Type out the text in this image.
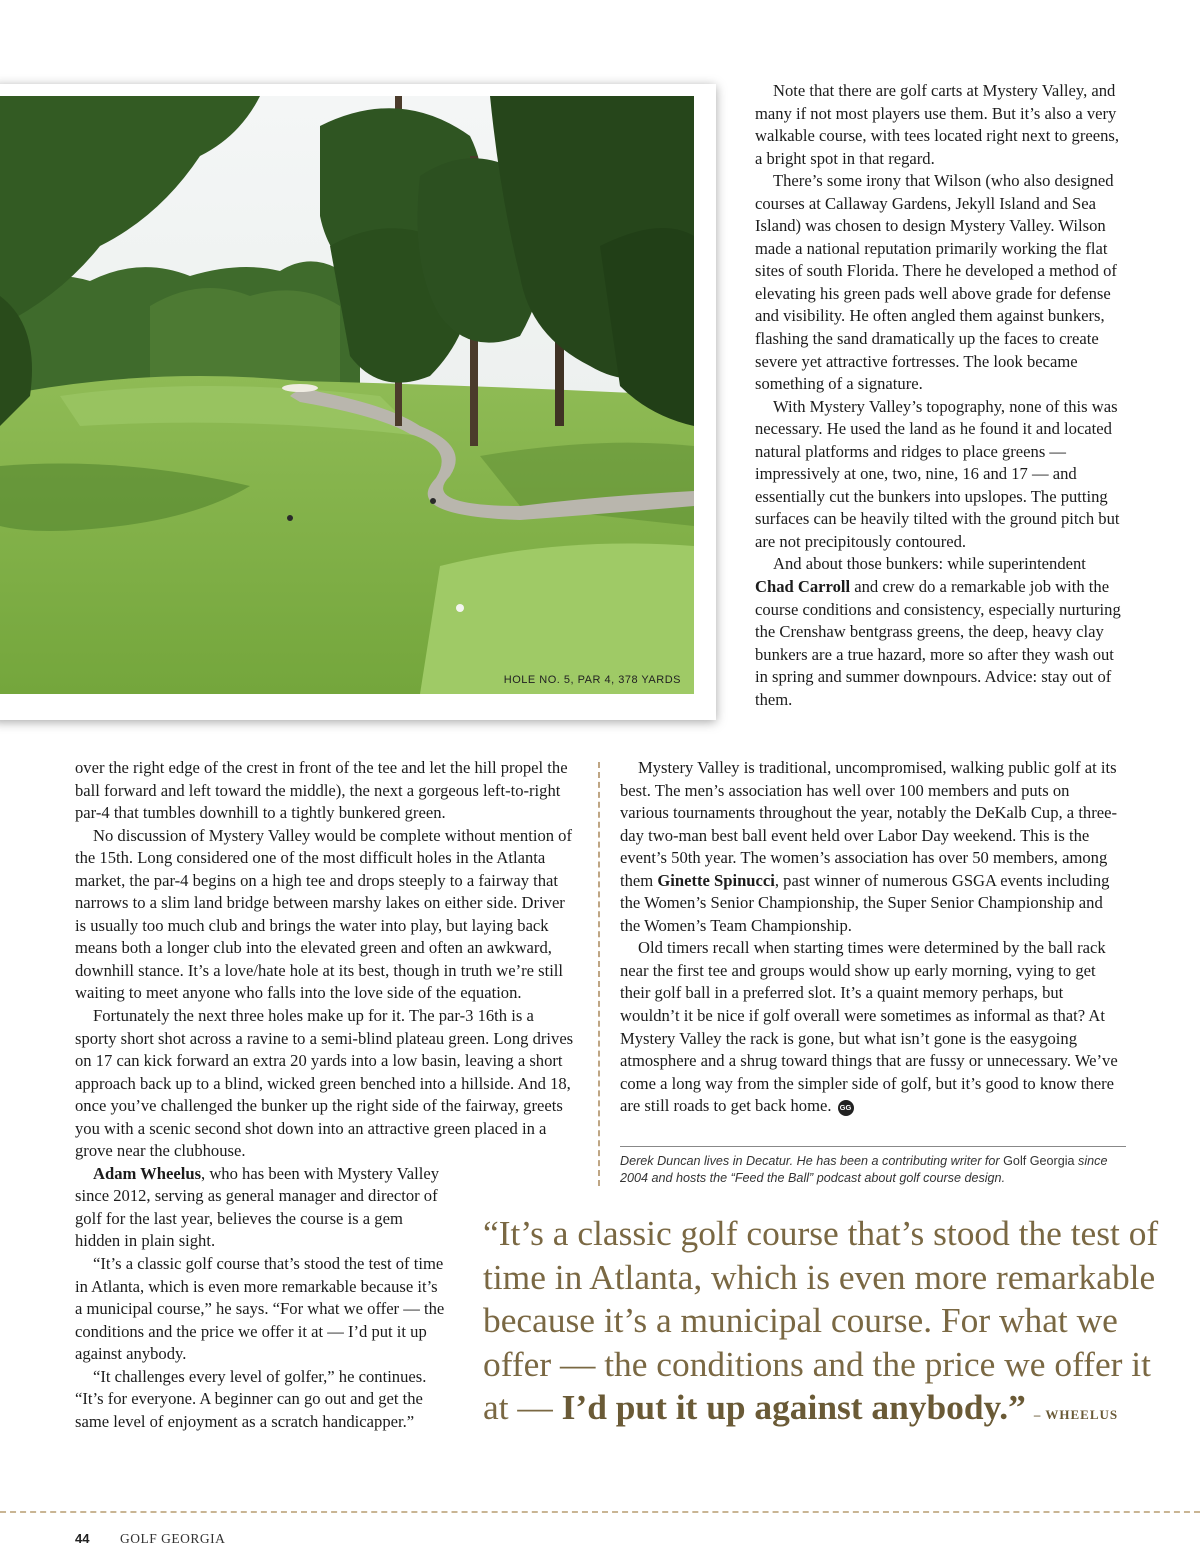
HOLE NO. 5, PAR 4, 378 YARDS

Note that there are golf carts at Mystery Valley, and many if not most players use them. But it’s also a very walkable course, with tees located right next to greens, a bright spot in that regard.

There’s some irony that Wilson (who also designed courses at Callaway Gardens, Jekyll Island and Sea Island) was chosen to design Mystery Valley. Wilson made a national reputation primarily working the flat sites of south Florida. There he developed a method of elevating his green pads well above grade for defense and visibility. He often angled them against bunkers, flashing the sand dramatically up the faces to create severe yet attractive fortresses. The look became something of a signature.

With Mystery Valley’s topography, none of this was necessary. He used the land as he found it and located natural platforms and ridges to place greens — impressively at one, two, nine, 16 and 17 — and essentially cut the bunkers into upslopes. The putting surfaces can be heavily tilted with the ground pitch but are not precipitously contoured.

And about those bunkers: while superintendent Chad Carroll and crew do a remarkable job with the course conditions and consistency, especially nurturing the Crenshaw bentgrass greens, the deep, heavy clay bunkers are a true hazard, more so after they wash out in spring and summer downpours. Advice: stay out of them.

over the right edge of the crest in front of the tee and let the hill propel the ball forward and left toward the middle), the next a gorgeous left-to-right par-4 that tumbles downhill to a tightly bunkered green.

No discussion of Mystery Valley would be complete without mention of the 15th. Long considered one of the most difficult holes in the Atlanta market, the par-4 begins on a high tee and drops steeply to a fairway that narrows to a slim land bridge between marshy lakes on either side. Driver is usually too much club and brings the water into play, but laying back means both a longer club into the elevated green and often an awkward, downhill stance. It’s a love/hate hole at its best, though in truth we’re still waiting to meet anyone who falls into the love side of the equation.

Fortunately the next three holes make up for it. The par-3 16th is a sporty short shot across a ravine to a semi-blind plateau green. Long drives on 17 can kick forward an extra 20 yards into a low basin, leaving a short approach back up to a blind, wicked green benched into a hillside. And 18, once you’ve challenged the bunker up the right side of the fairway, greets you with a scenic second shot down into an attractive green placed in a grove near the clubhouse.

Adam Wheelus, who has been with Mystery Valley since 2012, serving as general manager and director of golf for the last year, believes the course is a gem hidden in plain sight.

“It’s a classic golf course that’s stood the test of time in Atlanta, which is even more remarkable because it’s a municipal course,” he says. “For what we offer — the conditions and the price we offer it at — I’d put it up against anybody.

“It challenges every level of golfer,” he continues. “It’s for everyone. A beginner can go out and get the same level of enjoyment as a scratch handicapper.”

Mystery Valley is traditional, uncompromised, walking public golf at its best. The men’s association has well over 100 members and puts on various tournaments throughout the year, notably the DeKalb Cup, a three-day two-man best ball event held over Labor Day weekend. This is the event’s 50th year. The women’s association has over 50 members, among them Ginette Spinucci, past winner of numerous GSGA events including the Women’s Senior Championship, the Super Senior Championship and the Women’s Team Championship.

Old timers recall when starting times were determined by the ball rack near the first tee and groups would show up early morning, vying to get their golf ball in a preferred slot. It’s a quaint memory perhaps, but wouldn’t it be nice if golf overall were sometimes as informal as that? At Mystery Valley the rack is gone, but what isn’t gone is the easygoing atmosphere and a shrug toward things that are fussy or unnecessary. We’ve come a long way from the simpler side of golf, but it’s good to know there are still roads to get back home. GG

Derek Duncan lives in Decatur. He has been a contributing writer for Golf Georgia since 2004 and hosts the “Feed the Ball” podcast about golf course design.
“It’s a classic golf course that’s stood the test of time in Atlanta, which is even more remarkable because it’s a municipal course. For what we offer — the conditions and the price we offer it at — I’d put it up against anybody.” – WHEELUS
44 GOLF GEORGIA
